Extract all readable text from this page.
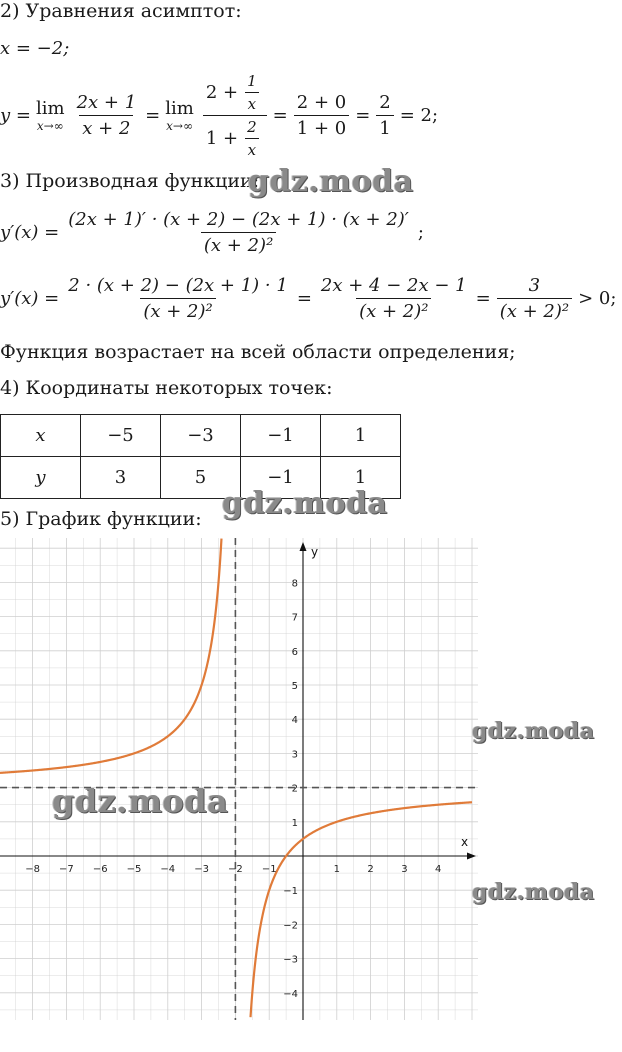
2) Уравнения асимптот:
x = −2;
y = lim
$x\to\infty \frac{2x + 1}{x + 2} = \lim$
$x\to\infty \frac{2 + \frac{1}{x}}{1 + \frac{2}{x}} = \frac{2 + 0}{1 + 0} = \frac{2}{1} = 2$;
3) Производная функции:
$y'(x) = \frac{(2x + 1)' \cdot (x + 2) - (2x + 1) \cdot (x + 2)'}{\text{(x + 2)²}}$ ;
$y'(x) = \frac{2 \cdot (x + 2) - (2x + 1) \cdot 1}{\text{(x + 2)²}} = \frac{2x + 4 - 2x - 1}{\text{(x + 2)²}} = \frac{3}{\text{(x + 2)²}} > 0$;
Функция возрастает на всей области определения;
4) Координаты некоторых точек:
x	−5	−3	−1	1
y	3	5	−1	1
5) График функции:
x
y
−8 −7 −6 −5 −4 −3 −2 −1	1	2	3	4
−4
−3
−2
−1
1
2
3
4
5
6
7
8
gdz.moda
gdz.moda
gdz.moda
gdz.moda
gdz.moda
